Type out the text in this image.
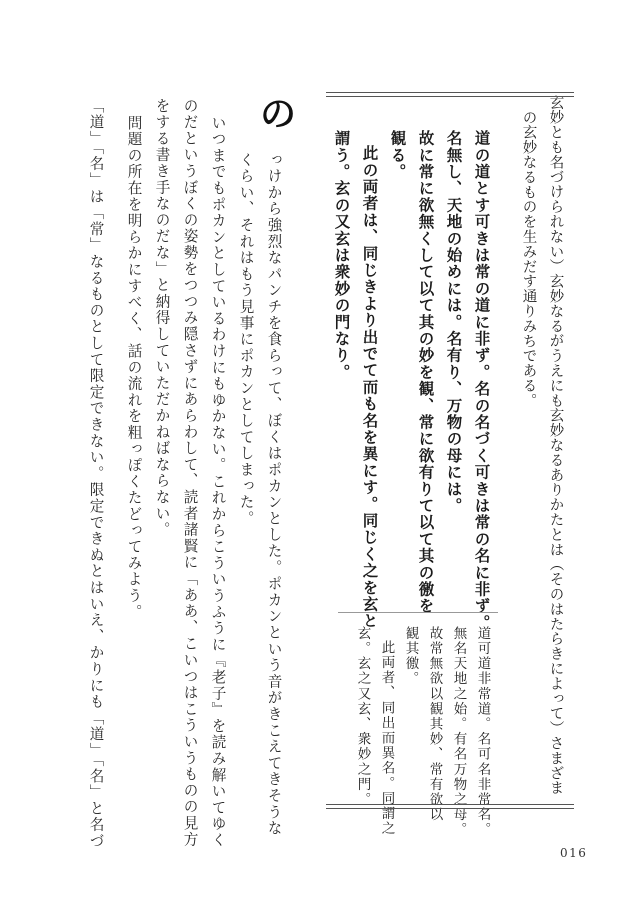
玄妙とも名づけられない）玄妙なるがうえにも玄妙なるありかたとは（そのはたらきによって）さまざま
の玄妙なるものを生みだす通りみちである。
道の道とす可きは常の道に非ず。名の名づく可きは常の名に非ず。
名無し、天地の始めには。名有り、万物の母には。
故に常に欲無くして以て其の妙を観、常に欲有りて以て其の徼を
観る。
此の両者は、同じきより出でて而も名を異にす。同じく之を玄と
謂う。玄の又玄は衆妙の門なり。
道可道非常道。名可名非常名。
無名天地之始。有名万物之母。
故常無欲以観其妙、常有欲以
観其徼。
此両者、同出而異名。同謂之
玄。玄之又玄、衆妙之門。
の
っけから強烈なパンチを食らって、ぼくはポカンとした。ポカンという音がきこえてきそうな
くらい、それはもう見事にポカンとしてしまった。
いつまでもポカンとしているわけにもゆかない。これからこういうふうに『老子』を読み解いてゆく
のだというぼくの姿勢をつつみ隠さずにあらわして、読者諸賢に「ああ、こいつはこういうものの見方
をする書き手なのだな」と納得していただかねばならない。
問題の所在を明らかにすべく、話の流れを粗っぽくたどってみよう。
「道」「名」は「常」なるものとして限定できない。限定できぬとはいえ、かりにも「道」「名」と名づ
016
